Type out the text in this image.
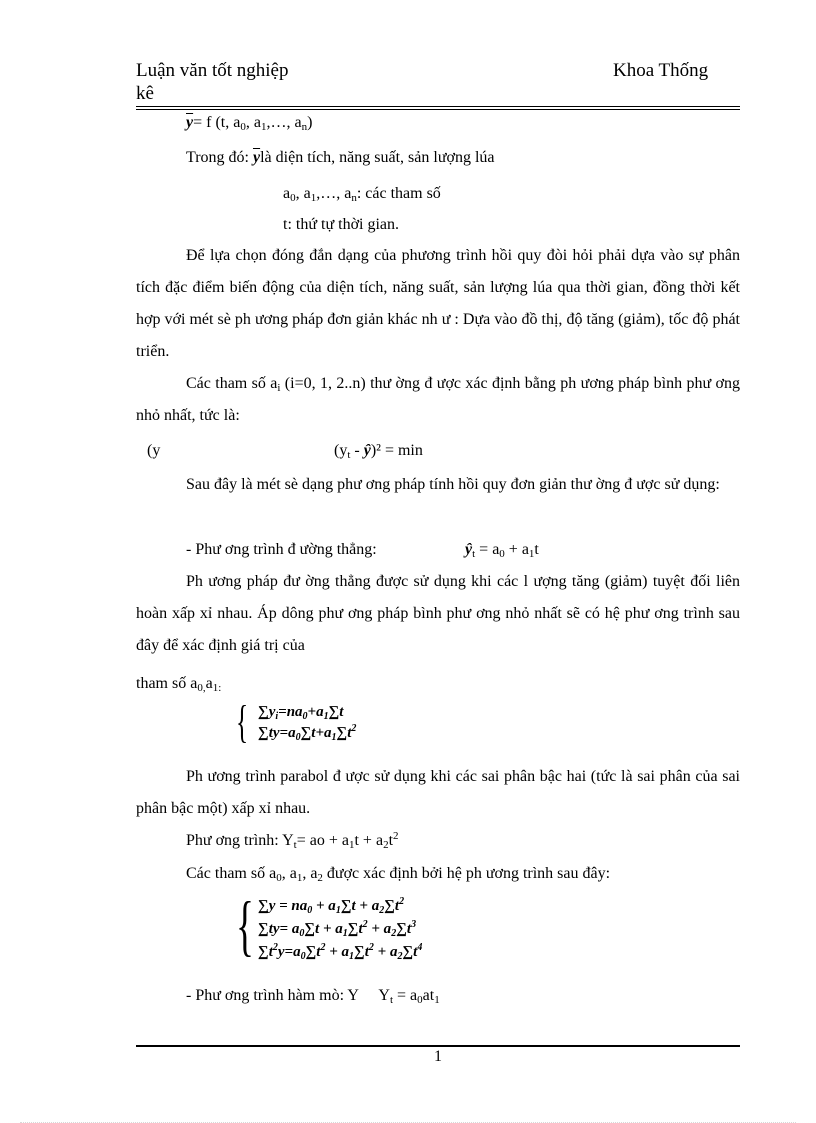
Luận văn tốt nghiệp	Khoa Thống
kê
$\overline{y}= f$ (t, $a_0$, $a_1,\dots$, $a_n$)
Trong đó: $\overline{y}là$ diện tích, năng suất, sản lượng lúa
$a_0$, $a_1,\dots$, $a_n$: các tham số
t: thứ tự thời gian.
Để lựa chọn đóng đắn dạng của phương trình hồi quy đòi hỏi phải dựa vào sự phân tích đặc điểm biến động của diện tích, năng suất, sản lượng lúa qua thời gian, đồng thời kết hợp với mét sè ph ương pháp đơn giản khác nh ư : Dựa vào đồ thị, độ tăng (giảm), tốc độ phát triển.
Các tham số $a_i$ (i=0, 1, 2..n) thư ờng đ ược xác định bằng ph ương pháp bình phư ơng nhỏ nhất, tức là:
(y	($y_t$ - ŷ)² = min
Sau đây là mét sè dạng phư ơng pháp tính hồi quy đơn giản thư ờng đ ược sử dụng:
- Phư ơng trình đ ường thẳng:	$ŷ_t = a_0 + a_1t$
Ph ương pháp đư ờng thẳng được sử dụng khi các l ượng tăng (giảm) tuyệt đối liên hoàn xấp xỉ nhau. Áp dông phư ơng pháp bình phư ơng nhỏ nhất sẽ có hệ phư ơng trình sau đây để xác định giá trị của
tham số $a_{0,}a_{1:}$
{ $\sum y_i=na_0+a_1\sum t$
$\sum ty=a_0\sum t+a_1\sum t^2$
Ph ương trình parabol đ ược sử dụng khi các sai phân bậc hai (tức là sai phân của sai phân bậc một) xấp xỉ nhau.
Phư ơng trình: $Y_t=$ ao + $a_1t + a_2t^2$
Các tham số $a_0$, $a_1$, $a_2$ được xác định bởi hệ ph ương trình sau đây:
{ $\sum y = na_0 + a_1\sum t + a_2\sum t^2$
$\sum ty= a_0\sum t + a_1\sum t^2 + a_2\sum t^3$
$\sum t^2y=a_0\sum t^2 + a_1\sum t^2 + a_2\sum t^4$
- Phư ơng trình hàm mò: Y $Y_t = a_0at_1$
1
